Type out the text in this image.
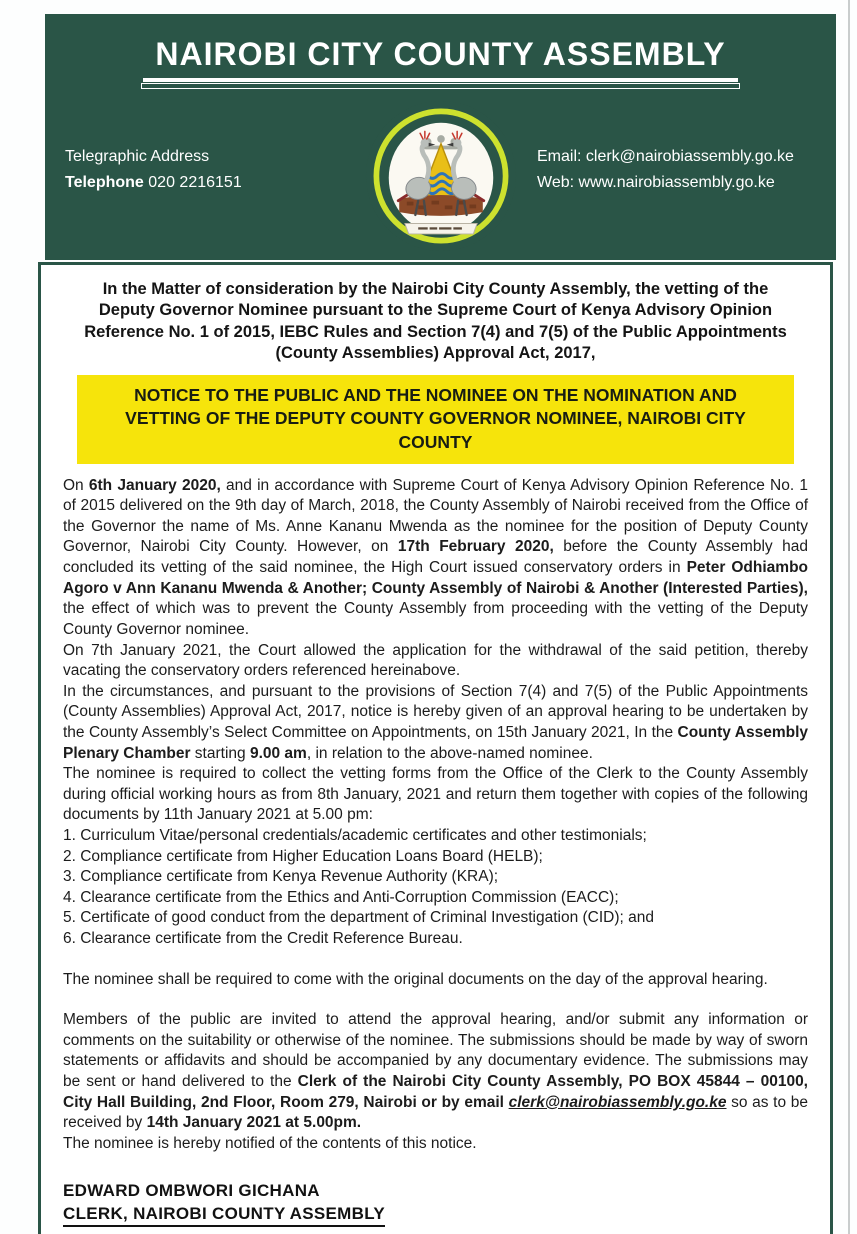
NAIROBI CITY COUNTY ASSEMBLY
Telegraphic Address
Telephone 020 2216151
Email: clerk@nairobiassembly.go.ke
Web: www.nairobiassembly.go.ke
In the Matter of consideration by the Nairobi City County Assembly, the vetting of the Deputy Governor Nominee pursuant to the Supreme Court of Kenya Advisory Opinion Reference No. 1 of 2015, IEBC Rules and Section 7(4) and 7(5) of the Public Appointments (County Assemblies) Approval Act, 2017,
NOTICE TO THE PUBLIC AND THE NOMINEE ON THE NOMINATION AND VETTING OF THE DEPUTY COUNTY GOVERNOR NOMINEE, NAIROBI CITY COUNTY

On 6th January 2020, and in accordance with Supreme Court of Kenya Advisory Opinion Reference No. 1 of 2015 delivered on the 9th day of March, 2018, the County Assembly of Nairobi received from the Office of the Governor the name of Ms. Anne Kananu Mwenda as the nominee for the position of Deputy County Governor, Nairobi City County. However, on 17th February 2020, before the County Assembly had concluded its vetting of the said nominee, the High Court issued conservatory orders in Peter Odhiambo Agoro v Ann Kananu Mwenda & Another; County Assembly of Nairobi & Another (Interested Parties), the effect of which was to prevent the County Assembly from proceeding with the vetting of the Deputy County Governor nominee.

On 7th January 2021, the Court allowed the application for the withdrawal of the said petition, thereby vacating the conservatory orders referenced hereinabove.

In the circumstances, and pursuant to the provisions of Section 7(4) and 7(5) of the Public Appointments (County Assemblies) Approval Act, 2017, notice is hereby given of an approval hearing to be undertaken by the County Assembly’s Select Committee on Appointments, on 15th January 2021, In the County Assembly Plenary Chamber starting 9.00 am, in relation to the above-named nominee.

The nominee is required to collect the vetting forms from the Office of the Clerk to the County Assembly during official working hours as from 8th January, 2021 and return them together with copies of the following documents by 11th January 2021 at 5.00 pm:

1. Curriculum Vitae/personal credentials/academic certificates and other testimonials;
2. Compliance certificate from Higher Education Loans Board (HELB);
3. Compliance certificate from Kenya Revenue Authority (KRA);
4. Clearance certificate from the Ethics and Anti-Corruption Commission (EACC);
5. Certificate of good conduct from the department of Criminal Investigation (CID); and
6. Clearance certificate from the Credit Reference Bureau.

The nominee shall be required to come with the original documents on the day of the approval hearing.

Members of the public are invited to attend the approval hearing, and/or submit any information or comments on the suitability or otherwise of the nominee. The submissions should be made by way of sworn statements or affidavits and should be accompanied by any documentary evidence. The submissions may be sent or hand delivered to the Clerk of the Nairobi City County Assembly, PO BOX 45844 – 00100, City Hall Building, 2nd Floor, Room 279, Nairobi or by email clerk@nairobiassembly.go.ke so as to be received by 14th January 2021 at 5.00pm.

The nominee is hereby notified of the contents of this notice.

EDWARD OMBWORI GICHANA
CLERK, NAIROBI COUNTY ASSEMBLY
